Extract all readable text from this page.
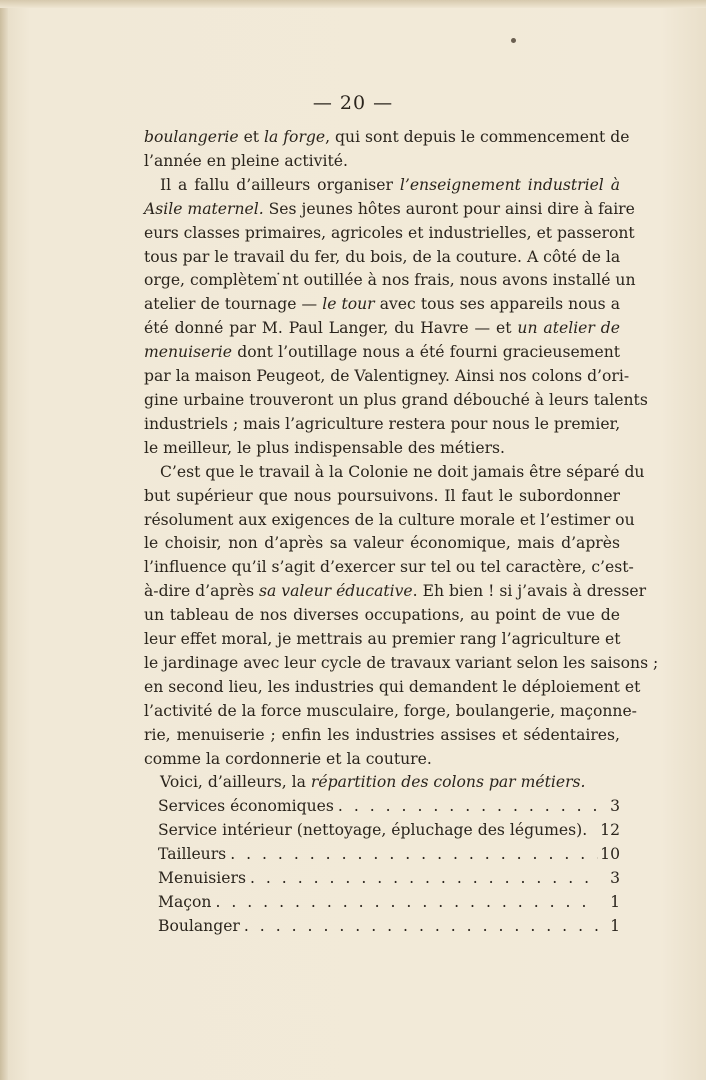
— 20 —
boulangerie et la forge, qui sont depuis le commencement de
l’année en pleine activité.
Il a fallu d’ailleurs organiser l’enseignement industriel à
Asile maternel. Ses jeunes hôtes auront pour ainsi dire à faire
eurs classes primaires, agricoles et industrielles, et passeront
tous par le travail du fer, du bois, de la couture. A côté de la
orge, complètem ̇nt outillée à nos frais, nous avons installé un
atelier de tournage — le tour avec tous ses appareils nous a
été donné par M. Paul Langer, du Havre — et un atelier de
menuiserie dont l’outillage nous a été fourni gracieusement
par la maison Peugeot, de Valentigney. Ainsi nos colons d’ori-
gine urbaine trouveront un plus grand débouché à leurs talents
industriels ; mais l’agriculture restera pour nous le premier,
le meilleur, le plus indispensable des métiers.
C’est que le travail à la Colonie ne doit jamais être séparé du
but supérieur que nous poursuivons. Il faut le subordonner
résolument aux exigences de la culture morale et l’estimer ou
le choisir, non d’après sa valeur économique, mais d’après
l’influence qu’il s’agit d’exercer sur tel ou tel caractère, c’est-
à-dire d’après sa valeur éducative. Eh bien ! si j’avais à dresser
un tableau de nos diverses occupations, au point de vue de
leur effet moral, je mettrais au premier rang l’agriculture et
le jardinage avec leur cycle de travaux variant selon les saisons ;
en second lieu, les industries qui demandent le déploiement et
l’activité de la force musculaire, forge, boulangerie, maçonne-
rie, menuiserie ; enfin les industries assises et sédentaires,
comme la cordonnerie et la couture.
Voici, d’ailleurs, la répartition des colons par métiers.
Services économiques . . .	3
Service intérieur (nettoyage, épluchage des légumes). 12
Tailleurs . . .	10
Menuisiers . . .	3
Maçon . . .	1
Boulanger . . .	1
